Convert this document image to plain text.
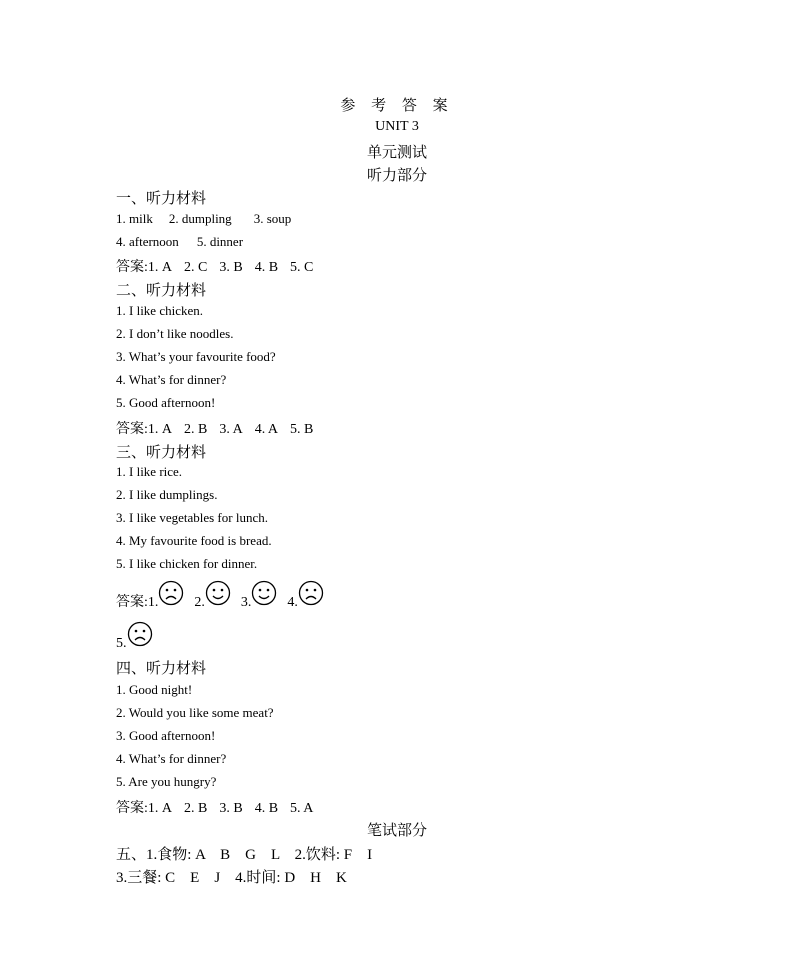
参 考 答 案
UNIT 3
单元测试
听力部分
一、听力材料
1. milk 2. dumpling 3. soup
4. afternoon 5. dinner
答案:1. A 2. C 3. B 4. B 5. C
二、听力材料
1. I like chicken.
2. I don’t like noodles.
3. What’s your favourite food?
4. What’s for dinner?
5. Good afternoon!
答案:1. A 2. B 3. A 4. A 5. B
三、听力材料
1. I like rice.
2. I like dumplings.
3. I like vegetables for lunch.
4. My favourite food is bread.
5. I like chicken for dinner.
答案:1.	2.	3.	4.
5.
四、听力材料
1. Good night!
2. Would you like some meat?
3. Good afternoon!
4. What’s for dinner?
5. Are you hungry?
答案:1. A 2. B 3. B 4. B 5. A
笔试部分
五、1.食物: A　B　G　L　2.饮料: F　I
3.三餐: C　E　J　4.时间: D　H　K
